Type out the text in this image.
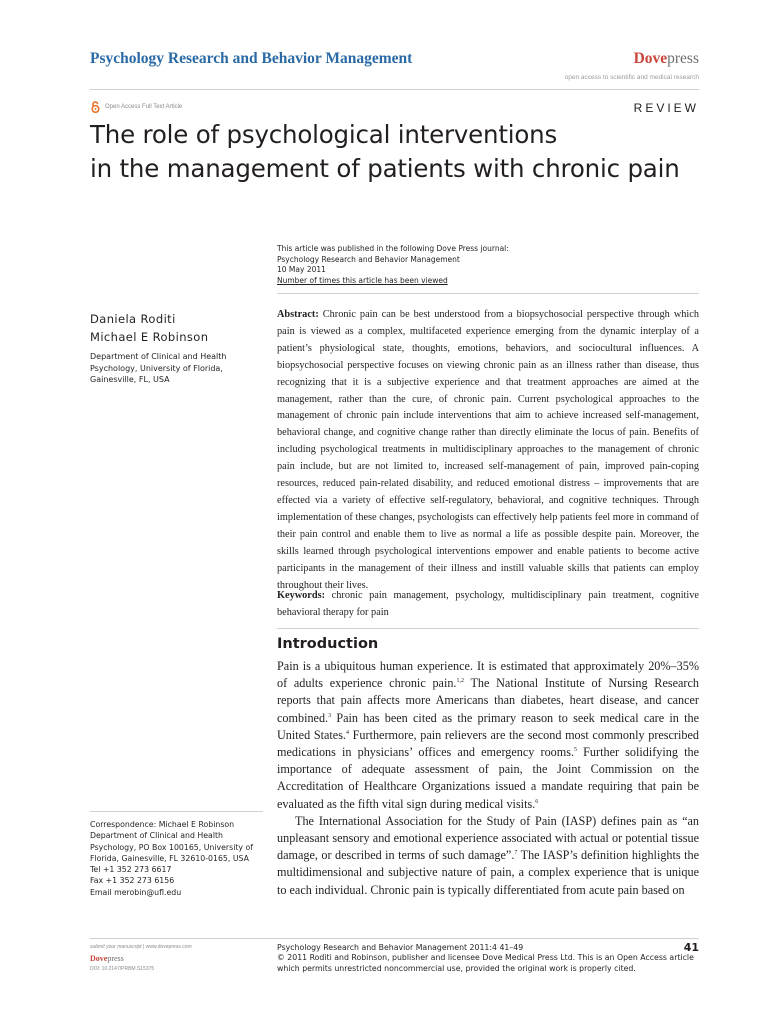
Psychology Research and Behavior Management	Dovepress
open access to scientific and medical research
Open Access Full Text Article	REVIEW
The role of psychological interventions
in the management of patients with chronic pain
This article was published in the following Dove Press journal:
Psychology Research and Behavior Management
10 May 2011
Number of times this article has been viewed
Daniela Roditi
Michael E Robinson
Department of Clinical and Health
Psychology, University of Florida,
Gainesville, FL, USA
Abstract: Chronic pain can be best understood from a biopsychosocial perspective through which pain is viewed as a complex, multifaceted experience emerging from the dynamic interplay of a patient’s physiological state, thoughts, emotions, behaviors, and sociocultural influences. A biopsychosocial perspective focuses on viewing chronic pain as an illness rather than disease, thus recognizing that it is a subjective experience and that treatment approaches are aimed at the management, rather than the cure, of chronic pain. Current psychological approaches to the management of chronic pain include interventions that aim to achieve increased self-management, behavioral change, and cognitive change rather than directly eliminate the locus of pain. Benefits of including psychological treatments in multidisciplinary approaches to the management of chronic pain include, but are not limited to, increased self-management of pain, improved pain-coping resources, reduced pain-related disability, and reduced emotional distress – improvements that are effected via a variety of effective self-regulatory, behavioral, and cognitive techniques. Through implementation of these changes, psychologists can effectively help patients feel more in command of their pain control and enable them to live as normal a life as possible despite pain. Moreover, the skills learned through psychological interventions empower and enable patients to become active participants in the management of their illness and instill valuable skills that patients can employ throughout their lives.
Keywords: chronic pain management, psychology, multidisciplinary pain treatment, cognitive behavioral therapy for pain
Introduction

Pain is a ubiquitous human experience. It is estimated that approximately 20%–35% of adults experience chronic pain.$^{1,2}$ The National Institute of Nursing Research reports that pain affects more Americans than diabetes, heart disease, and cancer combined.$^3$ Pain has been cited as the primary reason to seek medical care in the United States.$^4$ Furthermore, pain relievers are the second most commonly prescribed medications in physicians’ offices and emergency rooms.$^5$ Further solidifying the importance of adequate assessment of pain, the Joint Commission on the Accreditation of Healthcare Organizations issued a mandate requiring that pain be evaluated as the fifth vital sign during medical visits.$^6$

The International Association for the Study of Pain (IASP) defines pain as “an unpleasant sensory and emotional experience associated with actual or potential tissue damage, or described in terms of such damage”.$^7$ The IASP’s definition highlights the multidimensional and subjective nature of pain, a complex experience that is unique to each individual. Chronic pain is typically differentiated from acute pain based on

Correspondence: Michael E Robinson
Department of Clinical and Health
Psychology, PO Box 100165, University of
Florida, Gainesville, FL 32610-0165, USA
Tel +1 352 273 6617
Fax +1 352 273 6156
Email merobin@ufl.edu
submit your manuscript | www.dovepress.com
Dovepress
DOI: 10.2147/PRBM.S15375
Psychology Research and Behavior Management 2011:4 41–49
© 2011 Roditi and Robinson, publisher and licensee Dove Medical Press Ltd. This is an Open Access article which permits unrestricted noncommercial use, provided the original work is properly cited.
41
